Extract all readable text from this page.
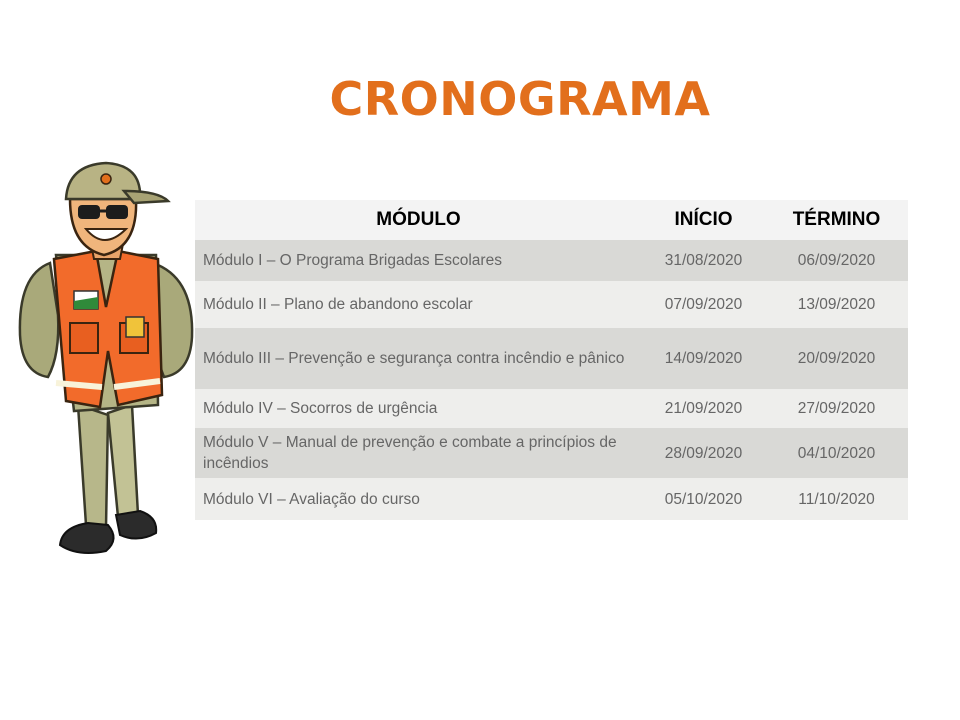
CRONOGRAMA
MÓDULO	INÍCIO	TÉRMINO
Módulo I – O Programa Brigadas Escolares	31/08/2020	06/09/2020
Módulo II – Plano de abandono escolar	07/09/2020	13/09/2020
Módulo III – Prevenção e segurança contra incêndio e pânico	14/09/2020	20/09/2020
Módulo IV – Socorros de urgência	21/09/2020	27/09/2020
Módulo V – Manual de prevenção e combate a princípios de incêndios	28/09/2020	04/10/2020
Módulo VI – Avaliação do curso	05/10/2020	11/10/2020
